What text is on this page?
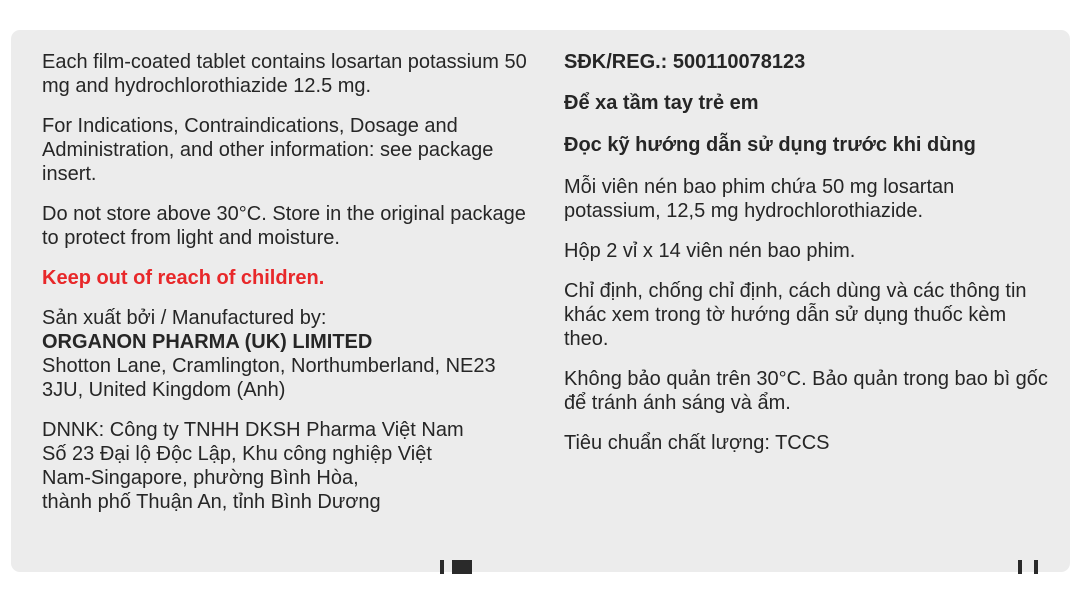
Each film-coated tablet contains losartan potassium 50 mg and hydrochlorothiazide 12.5 mg.

For Indications, Contraindications, Dosage and Administration, and other information: see package insert.

Do not store above 30°C. Store in the original package to protect from light and moisture.

Keep out of reach of children.

Sản xuất bởi / Manufactured by:
ORGANON PHARMA (UK) LIMITED
Shotton Lane, Cramlington, Northumberland, NE23 3JU, United Kingdom (Anh)
DNNK: Công ty TNHH DKSH Pharma Việt Nam
Số 23 Đại lộ Độc Lập, Khu công nghiệp Việt
Nam-Singapore, phường Bình Hòa,
thành phố Thuận An, tỉnh Bình Dương

SĐK/REG.: 500110078123

Để xa tầm tay trẻ em

Đọc kỹ hướng dẫn sử dụng trước khi dùng

Mỗi viên nén bao phim chứa 50 mg losartan potassium, 12,5 mg hydrochlorothiazide.

Hộp 2 vỉ x 14 viên nén bao phim.

Chỉ định, chống chỉ định, cách dùng và các thông tin khác xem trong tờ hướng dẫn sử dụng thuốc kèm theo.

Không bảo quản trên 30°C. Bảo quản trong bao bì gốc để tránh ánh sáng và ẩm.

Tiêu chuẩn chất lượng: TCCS
